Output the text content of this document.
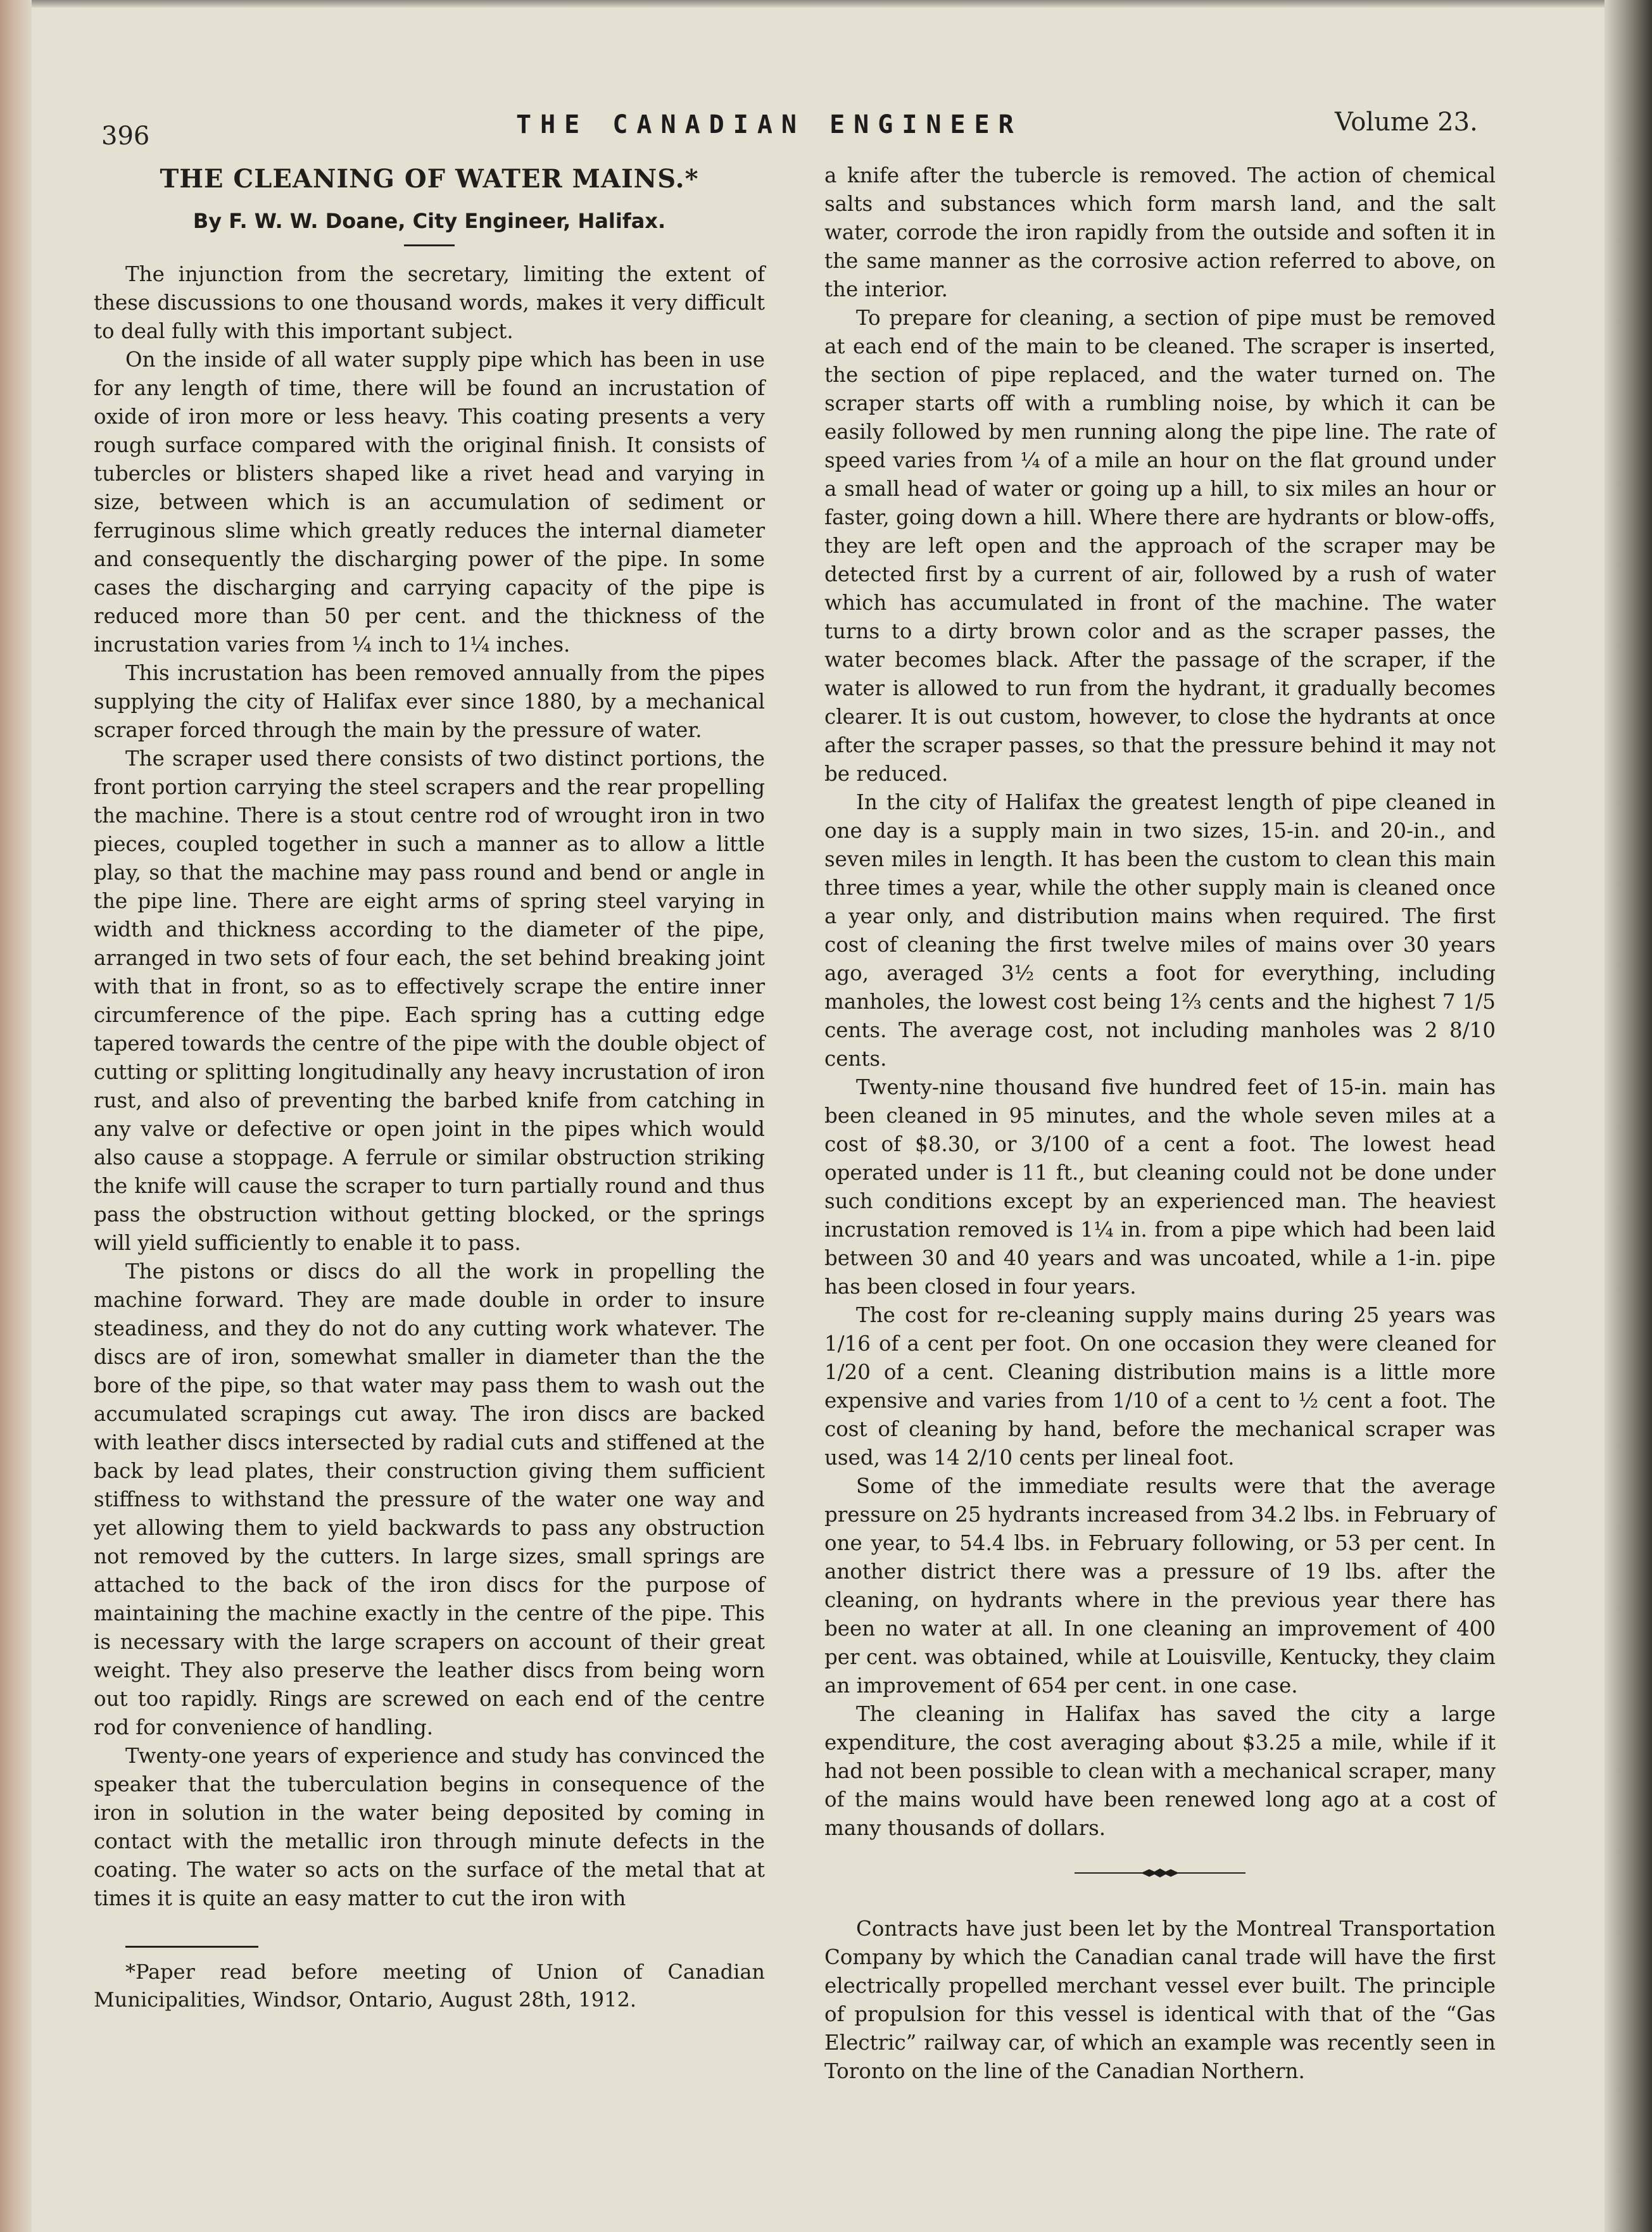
396	THE CANADIAN ENGINEER	Volume 23.
THE CLEANING OF WATER MAINS.*
By F. W. W. Doane, City Engineer, Halifax.

The injunction from the secretary, limiting the extent of these discussions to one thousand words, makes it very difficult to deal fully with this important subject.

On the inside of all water supply pipe which has been in use for any length of time, there will be found an incrustation of oxide of iron more or less heavy. This coating presents a very rough surface compared with the original finish. It consists of tubercles or blisters shaped like a rivet head and varying in size, between which is an accumulation of sediment or ferruginous slime which greatly reduces the internal diameter and consequently the discharging power of the pipe. In some cases the discharging and carrying capacity of the pipe is reduced more than 50 per cent. and the thickness of the incrustation varies from ¼ inch to 1¼ inches.

This incrustation has been removed annually from the pipes supplying the city of Halifax ever since 1880, by a mechanical scraper forced through the main by the pressure of water.

The scraper used there consists of two distinct portions, the front portion carrying the steel scrapers and the rear propelling the machine. There is a stout centre rod of wrought iron in two pieces, coupled together in such a manner as to allow a little play, so that the machine may pass round and bend or angle in the pipe line. There are eight arms of spring steel varying in width and thickness according to the diameter of the pipe, arranged in two sets of four each, the set behind breaking joint with that in front, so as to effectively scrape the entire inner circumference of the pipe. Each spring has a cutting edge tapered towards the centre of the pipe with the double object of cutting or splitting longitudinally any heavy incrustation of iron rust, and also of preventing the barbed knife from catching in any valve or defective or open joint in the pipes which would also cause a stoppage. A ferrule or similar obstruction striking the knife will cause the scraper to turn partially round and thus pass the obstruction without getting blocked, or the springs will yield sufficiently to enable it to pass.

The pistons or discs do all the work in propelling the machine forward. They are made double in order to insure steadiness, and they do not do any cutting work whatever. The discs are of iron, somewhat smaller in diameter than the the bore of the pipe, so that water may pass them to wash out the accumulated scrapings cut away. The iron discs are backed with leather discs intersected by radial cuts and stiffened at the back by lead plates, their construction giving them sufficient stiffness to withstand the pressure of the water one way and yet allowing them to yield backwards to pass any obstruction not removed by the cutters. In large sizes, small springs are attached to the back of the iron discs for the purpose of maintaining the machine exactly in the centre of the pipe. This is necessary with the large scrapers on account of their great weight. They also preserve the leather discs from being worn out too rapidly. Rings are screwed on each end of the centre rod for convenience of handling.

Twenty-one years of experience and study has convinced the speaker that the tuberculation begins in consequence of the iron in solution in the water being deposited by coming in contact with the metallic iron through minute defects in the coating. The water so acts on the surface of the metal that at times it is quite an easy matter to cut the iron with

*Paper read before meeting of Union of Canadian Municipalities, Windsor, Ontario, August 28th, 1912.

a knife after the tubercle is removed. The action of chemical salts and substances which form marsh land, and the salt water, corrode the iron rapidly from the outside and soften it in the same manner as the corrosive action referred to above, on the interior.

To prepare for cleaning, a section of pipe must be removed at each end of the main to be cleaned. The scraper is inserted, the section of pipe replaced, and the water turned on. The scraper starts off with a rumbling noise, by which it can be easily followed by men running along the pipe line. The rate of speed varies from ¼ of a mile an hour on the flat ground under a small head of water or going up a hill, to six miles an hour or faster, going down a hill. Where there are hydrants or blow-offs, they are left open and the approach of the scraper may be detected first by a current of air, followed by a rush of water which has accumulated in front of the machine. The water turns to a dirty brown color and as the scraper passes, the water becomes black. After the passage of the scraper, if the water is allowed to run from the hydrant, it gradually becomes clearer. It is out custom, however, to close the hydrants at once after the scraper passes, so that the pressure behind it may not be reduced.

In the city of Halifax the greatest length of pipe cleaned in one day is a supply main in two sizes, 15-in. and 20-in., and seven miles in length. It has been the custom to clean this main three times a year, while the other supply main is cleaned once a year only, and distribution mains when required. The first cost of cleaning the first twelve miles of mains over 30 years ago, averaged 3½ cents a foot for everything, including manholes, the lowest cost being 1⅔ cents and the highest 7 1/5 cents. The average cost, not including manholes was 2 8/10 cents.

Twenty-nine thousand five hundred feet of 15-in. main has been cleaned in 95 minutes, and the whole seven miles at a cost of $8.30, or 3/100 of a cent a foot. The lowest head operated under is 11 ft., but cleaning could not be done under such conditions except by an experienced man. The heaviest incrustation removed is 1¼ in. from a pipe which had been laid between 30 and 40 years and was uncoated, while a 1-in. pipe has been closed in four years.

The cost for re-cleaning supply mains during 25 years was 1/16 of a cent per foot. On one occasion they were cleaned for 1/20 of a cent. Cleaning distribution mains is a little more expensive and varies from 1/10 of a cent to ½ cent a foot. The cost of cleaning by hand, before the mechanical scraper was used, was 14 2/10 cents per lineal foot.

Some of the immediate results were that the average pressure on 25 hydrants increased from 34.2 lbs. in February of one year, to 54.4 lbs. in February following, or 53 per cent. In another district there was a pressure of 19 lbs. after the cleaning, on hydrants where in the previous year there has been no water at all. In one cleaning an improvement of 400 per cent. was obtained, while at Louisville, Kentucky, they claim an improvement of 654 per cent. in one case.

The cleaning in Halifax has saved the city a large expenditure, the cost averaging about $3.25 a mile, while if it had not been possible to clean with a mechanical scraper, many of the mains would have been renewed long ago at a cost of many thousands of dollars.

Contracts have just been let by the Montreal Transportation Company by which the Canadian canal trade will have the first electrically propelled merchant vessel ever built. The principle of propulsion for this vessel is identical with that of the “Gas Electric” railway car, of which an example was recently seen in Toronto on the line of the Canadian Northern.
